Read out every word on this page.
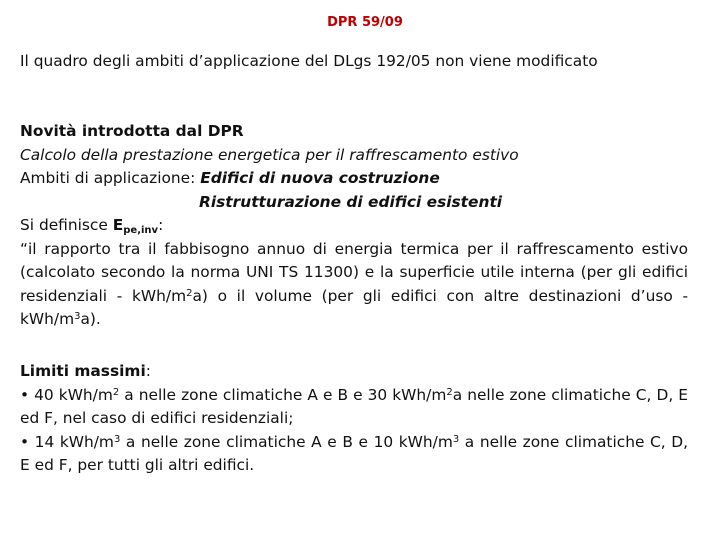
DPR 59/09
Il quadro degli ambiti d’applicazione del DLgs 192/05 non viene modificato
Novità introdotta dal DPR
Calcolo della prestazione energetica per il raffrescamento estivo
Ambiti di applicazione: Edifici di nuova costruzione
Ristrutturazione di edifici esistenti
Si definisce $E_{pe,inv}$:
“il rapporto tra il fabbisogno annuo di energia termica per il raffrescamento estivo (calcolato secondo la norma UNI TS 11300) e la superficie utile interna (per gli edifici residenziali - kWh/$m^2a$) o il volume (per gli edifici con altre destinazioni d’uso - kWh/$m^3a$).
Limiti massimi:
• 40 kWh/$m^2$ a nelle zone climatiche A e B e 30 kWh/$m^2a$ nelle zone climatiche C, D, E ed F, nel caso di edifici residenziali;
• 14 kWh/$m^3$ a nelle zone climatiche A e B e 10 kWh/$m^3$ a nelle zone climatiche C, D, E ed F, per tutti gli altri edifici.
